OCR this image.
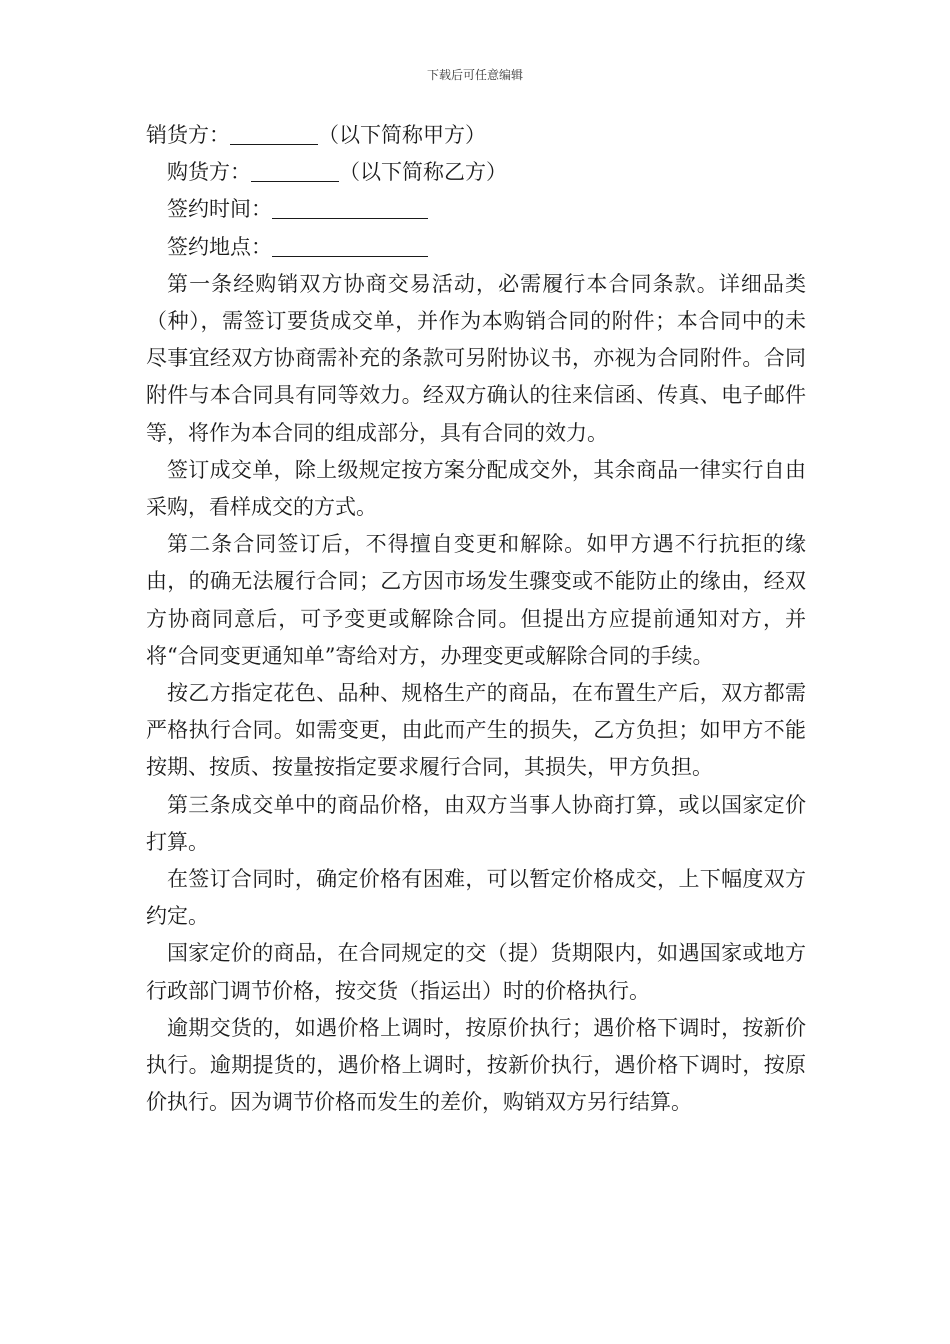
下载后可任意编辑
销货方：	（以下简称甲方）
购货方：	（以下简称乙方）
签约时间：
签约地点：

第一条经购销双方协商交易活动，必需履行本合同条款。详细品类（种），需签订要货成交单，并作为本购销合同的附件；本合同中的未尽事宜经双方协商需补充的条款可另附协议书，亦视为合同附件。合同附件与本合同具有同等效力。经双方确认的往来信函、传真、电子邮件等，将作为本合同的组成部分，具有合同的效力。

签订成交单，除上级规定按方案分配成交外，其余商品一律实行自由采购，看样成交的方式。

第二条合同签订后，不得擅自变更和解除。如甲方遇不行抗拒的缘由，的确无法履行合同；乙方因市场发生骤变或不能防止的缘由，经双方协商同意后，可予变更或解除合同。但提出方应提前通知对方，并将“合同变更通知单”寄给对方，办理变更或解除合同的手续。

按乙方指定花色、品种、规格生产的商品，在布置生产后，双方都需严格执行合同。如需变更，由此而产生的损失，乙方负担；如甲方不能按期、按质、按量按指定要求履行合同，其损失，甲方负担。

第三条成交单中的商品价格，由双方当事人协商打算，或以国家定价打算。

在签订合同时，确定价格有困难，可以暂定价格成交，上下幅度双方约定。

国家定价的商品，在合同规定的交（提）货期限内，如遇国家或地方行政部门调节价格，按交货（指运出）时的价格执行。

逾期交货的，如遇价格上调时，按原价执行；遇价格下调时，按新价执行。逾期提货的，遇价格上调时，按新价执行，遇价格下调时，按原价执行。因为调节价格而发生的差价，购销双方另行结算。
